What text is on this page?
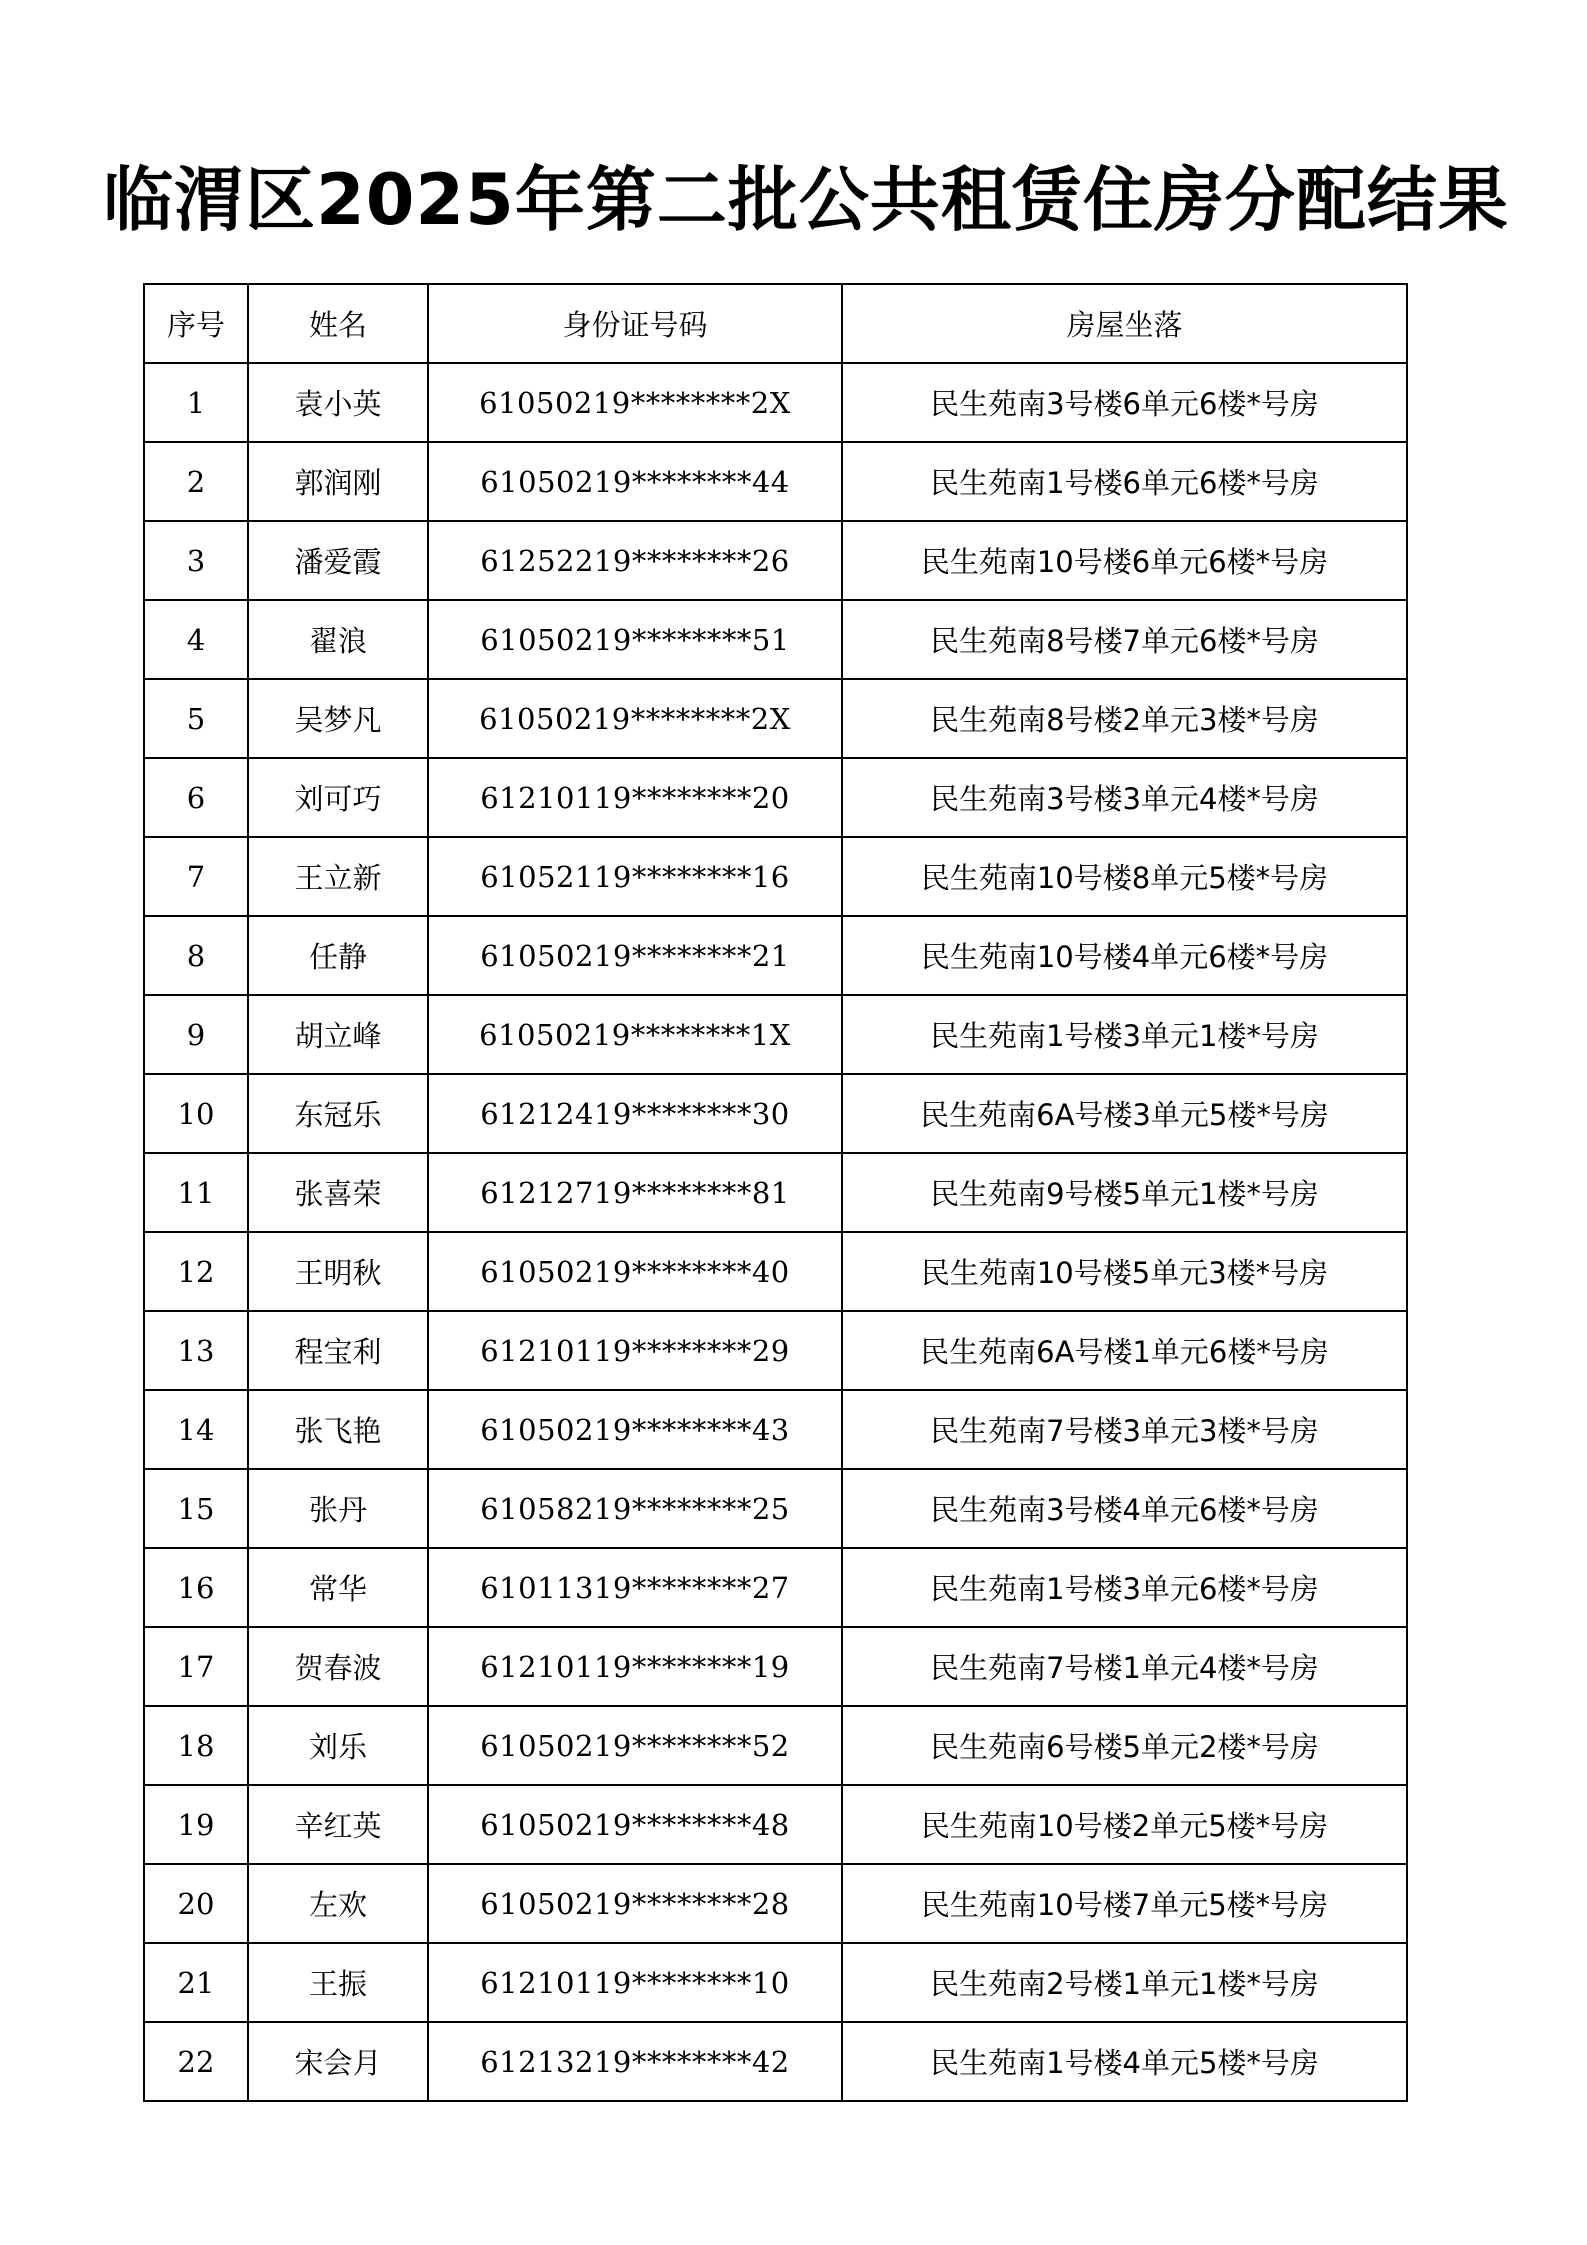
临渭区2025年第二批公共租赁住房分配结果
序号	姓名	身份证号码	房屋坐落
1	袁小英	61050219********2X	民生苑南3号楼6单元6楼*号房
2	郭润刚	61050219********44	民生苑南1号楼6单元6楼*号房
3	潘爱霞	61252219********26	民生苑南10号楼6单元6楼*号房
4	翟浪	61050219********51	民生苑南8号楼7单元6楼*号房
5	吴梦凡	61050219********2X	民生苑南8号楼2单元3楼*号房
6	刘可巧	61210119********20	民生苑南3号楼3单元4楼*号房
7	王立新	61052119********16	民生苑南10号楼8单元5楼*号房
8	任静	61050219********21	民生苑南10号楼4单元6楼*号房
9	胡立峰	61050219********1X	民生苑南1号楼3单元1楼*号房
10	东冠乐	61212419********30	民生苑南6A号楼3单元5楼*号房
11	张喜荣	61212719********81	民生苑南9号楼5单元1楼*号房
12	王明秋	61050219********40	民生苑南10号楼5单元3楼*号房
13	程宝利	61210119********29	民生苑南6A号楼1单元6楼*号房
14	张飞艳	61050219********43	民生苑南7号楼3单元3楼*号房
15	张丹	61058219********25	民生苑南3号楼4单元6楼*号房
16	常华	61011319********27	民生苑南1号楼3单元6楼*号房
17	贺春波	61210119********19	民生苑南7号楼1单元4楼*号房
18	刘乐	61050219********52	民生苑南6号楼5单元2楼*号房
19	辛红英	61050219********48	民生苑南10号楼2单元5楼*号房
20	左欢	61050219********28	民生苑南10号楼7单元5楼*号房
21	王振	61210119********10	民生苑南2号楼1单元1楼*号房
22	宋会月	61213219********42	民生苑南1号楼4单元5楼*号房
